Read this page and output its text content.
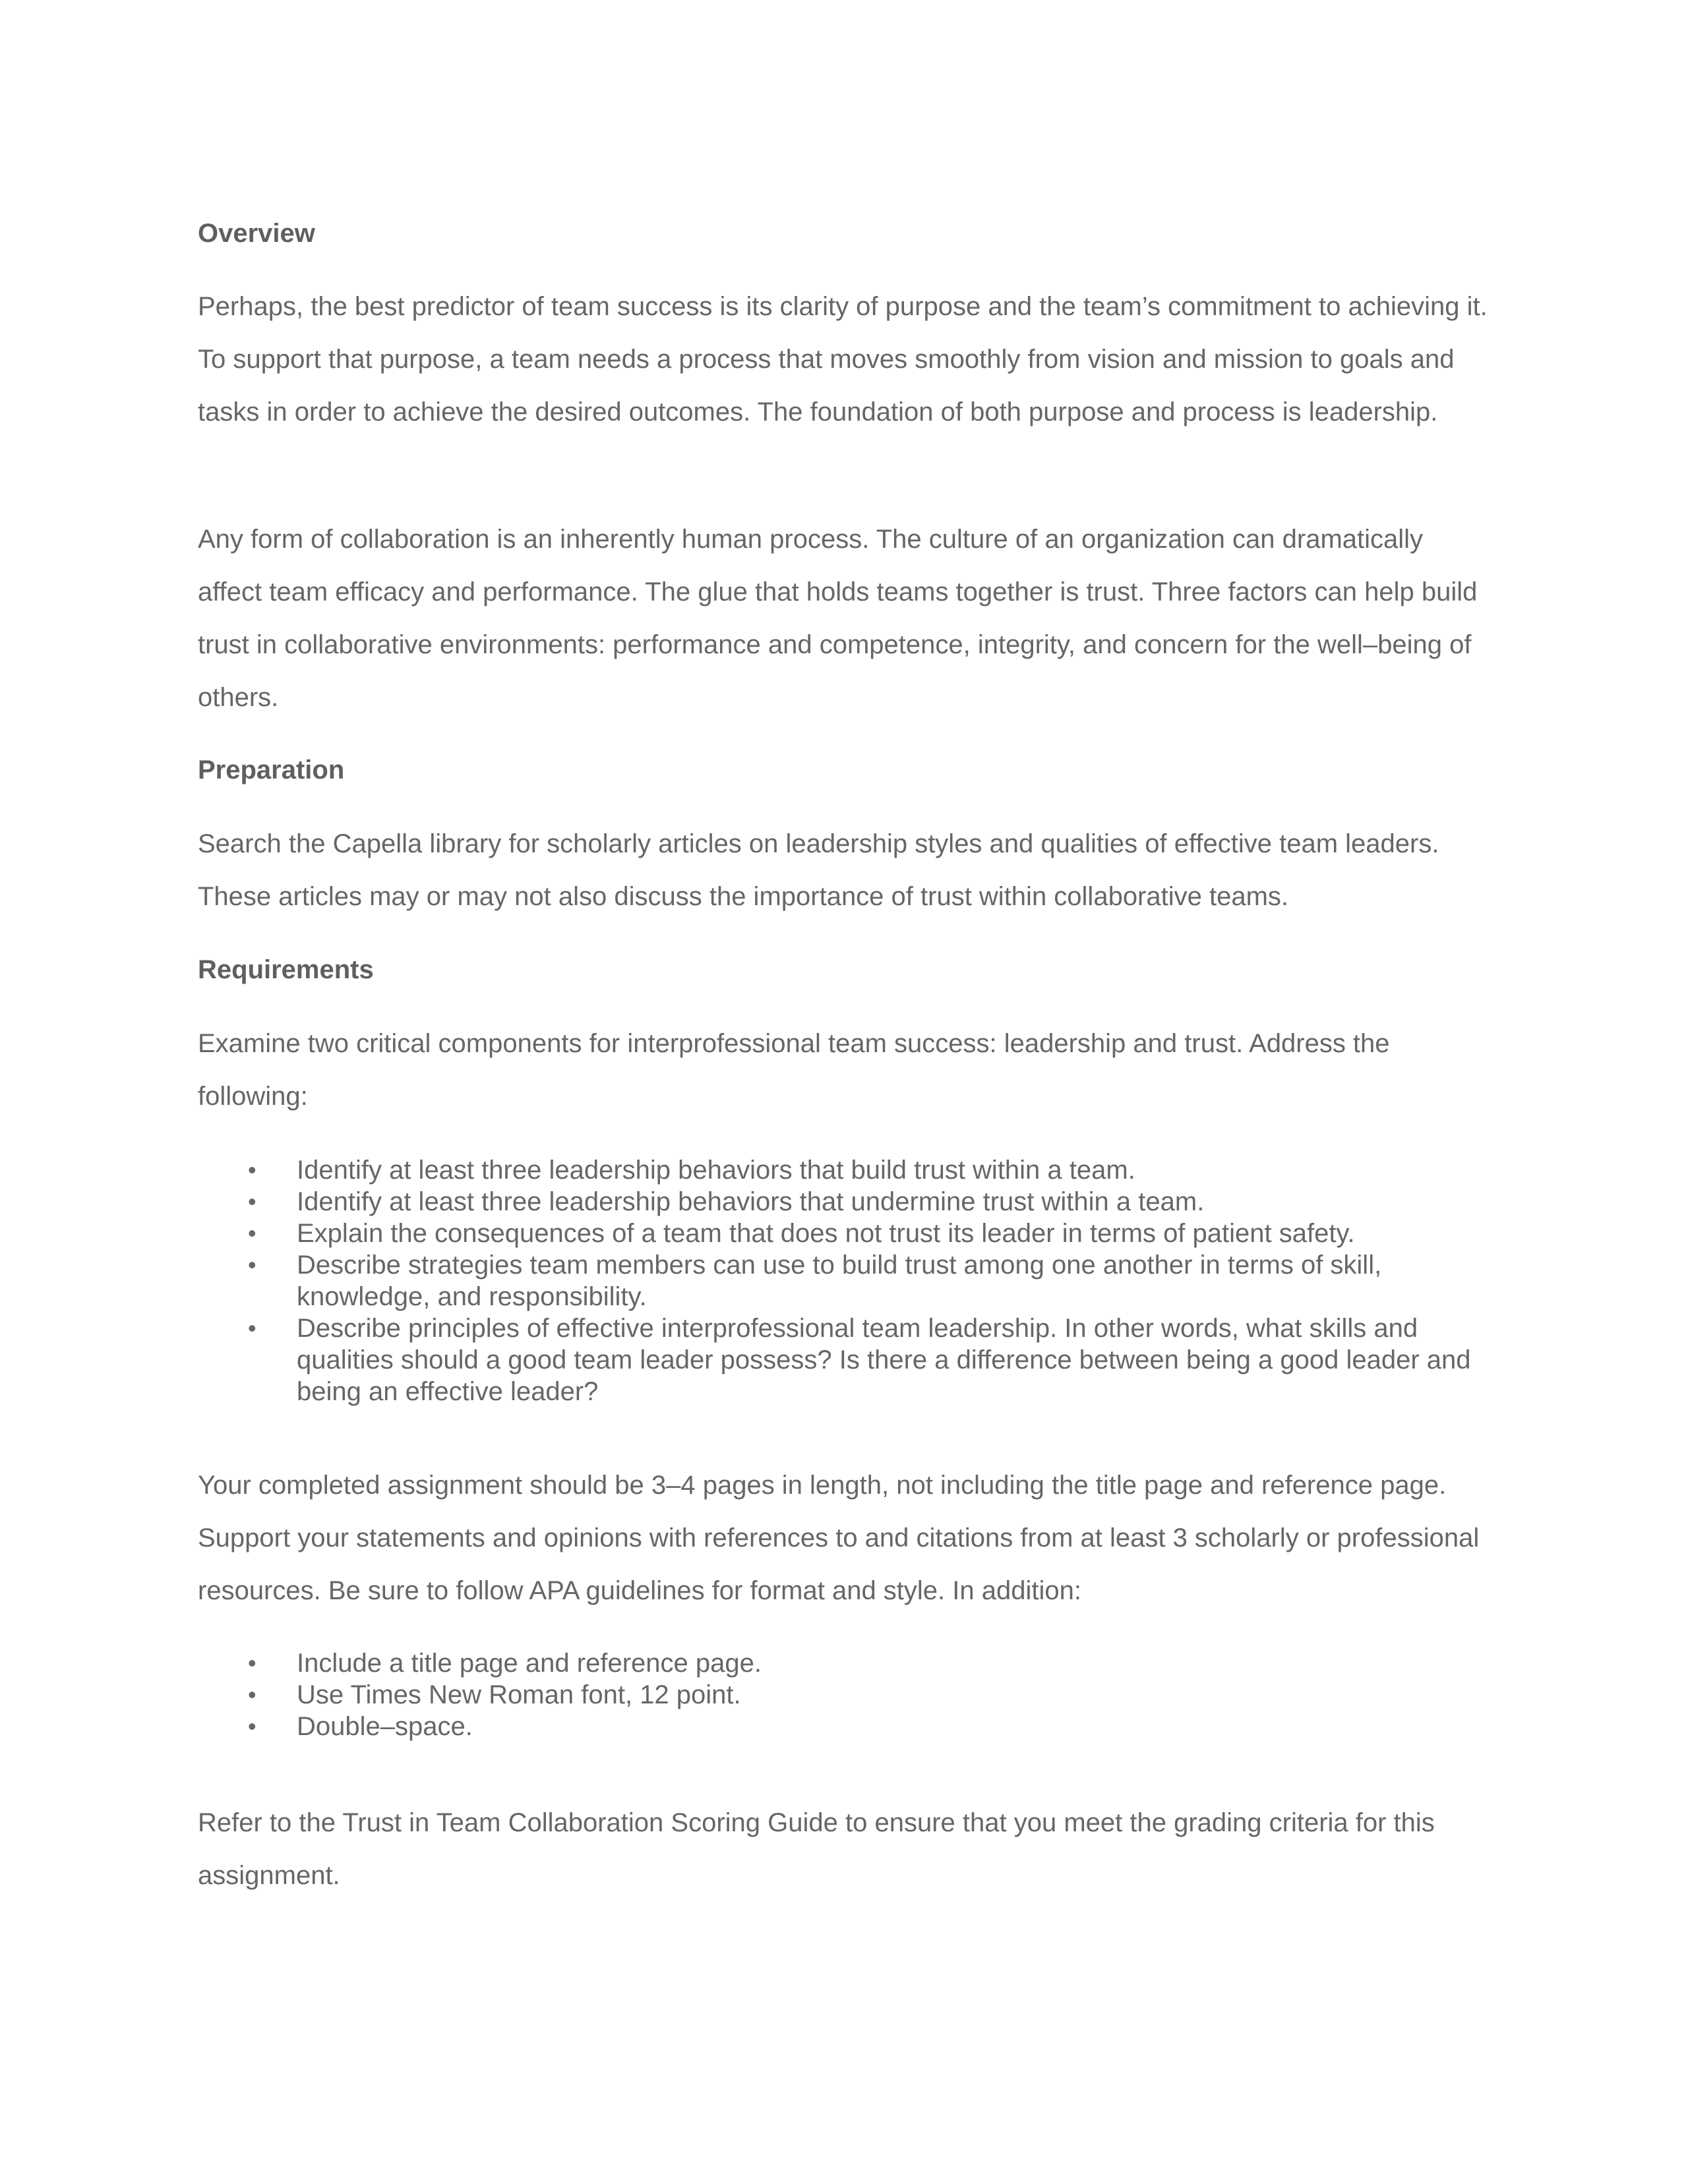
Overview

Perhaps, the best predictor of team success is its clarity of purpose and the team’s commitment to achieving it. To support that purpose, a team needs a process that moves smoothly from vision and mission to goals and tasks in order to achieve the desired outcomes. The foundation of both purpose and process is leadership.

Any form of collaboration is an inherently human process. The culture of an organization can dramatically affect team efficacy and performance. The glue that holds teams together is trust. Three factors can help build trust in collaborative environments: performance and competence, integrity, and concern for the well–being of others.

Preparation

Search the Capella library for scholarly articles on leadership styles and qualities of effective team leaders. These articles may or may not also discuss the importance of trust within collaborative teams.

Requirements

Examine two critical components for interprofessional team success: leadership and trust. Address the following:

• Identify at least three leadership behaviors that build trust within a team.
• Identify at least three leadership behaviors that undermine trust within a team.
• Explain the consequences of a team that does not trust its leader in terms of patient safety.
• Describe strategies team members can use to build trust among one another in terms of skill, knowledge, and responsibility.
• Describe principles of effective interprofessional team leadership. In other words, what skills and qualities should a good team leader possess? Is there a difference between being a good leader and being an effective leader?

Your completed assignment should be 3–4 pages in length, not including the title page and reference page. Support your statements and opinions with references to and citations from at least 3 scholarly or professional resources. Be sure to follow APA guidelines for format and style. In addition:

• Include a title page and reference page.
• Use Times New Roman font, 12 point.
• Double–space.

Refer to the Trust in Team Collaboration Scoring Guide to ensure that you meet the grading criteria for this assignment.
